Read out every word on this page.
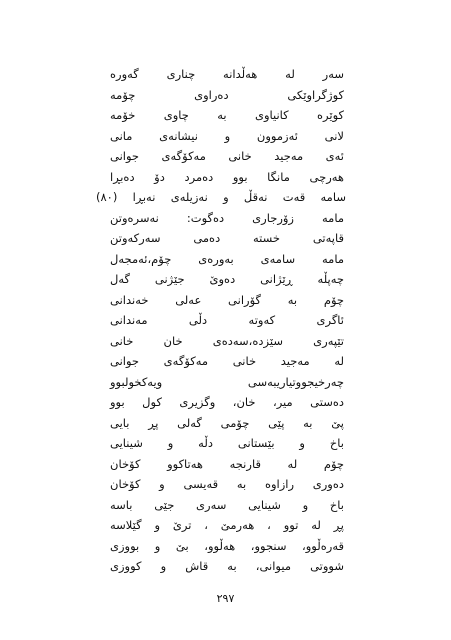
سەر لە هەڵدانە چناری گەورە
کوژگراوێکی دەراوی چۆمە
کوێرە کانیاوی بە چاوی خۆمە
لانی ئەزموون و نیشانەی مانی
ئەی مەجید خانی مەکۆگەی جوانی
هەرچی مانگا بوو دەمرد دۆ دەبڕا
سامە قەت نەقڵ و نەزیلەی نەبڕا (٨٠)
مامە زۆرجاری دەگوت: نەسرەوتن
قاپەتی خستە دەمی سەرکەوتن
مامە سامەی بەورەی چۆم،ئەمجەل
چەپڵە ڕێژانی دەوێ جێژنی گەل
چۆم بە گۆرانی عەلی خەندانی
ئاگری کەوتە دڵی مەندانی
تێپەری سێزدە،سەدەی خان خانی
لە مەجید خانی مەکۆگەی جوانی
چەرخیجووتیاریبەسی ویەکخولبوو
دەستی میر، خان، وگزیری کول بوو
پێ بە پێی چۆمی گەلی پڕ بایی
باخ و بێستانی دڵە و شینایی
چۆم لە قارنجە هەتاکوو کۆخان
دەوری رازاوە بە قەیسی و کۆخان
باخ و شینایی سەری جێی باسە
پڕ لە توو ، هەرمێ ، ترێ و گێلاسە
قەرەڵوو، سنجوو، هەڵوو، بێ و بووزی
شووتی میوانی، بە قاش و کووزی
٢٩٧
